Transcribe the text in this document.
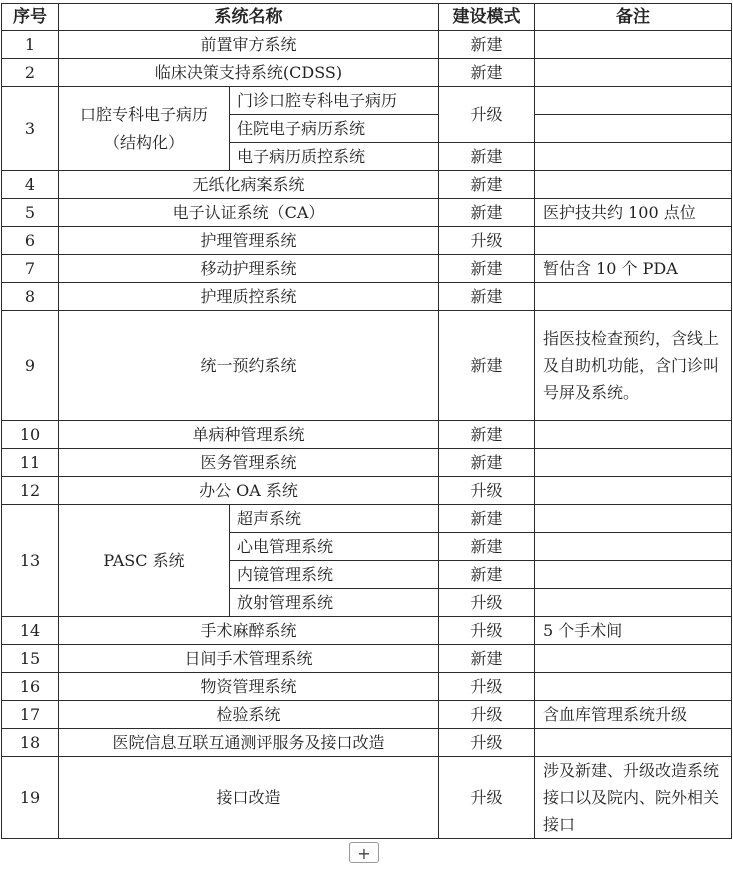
序号	系统名称		建设模式	备注
1	前置审方系统		新建	
2	临床决策支持系统(CDSS)		新建	
3	口腔专科电子病历（结构化）	门诊口腔专科电子病历	升级	
		住院电子病历系统		
		电子病历质控系统	新建	
4	无纸化病案系统		新建	
5	电子认证系统（CA）		新建	医护技共约 100 点位
6	护理管理系统		升级	
7	移动护理系统		新建	暂估含 10 个 PDA
8	护理质控系统		新建	
9	统一预约系统		新建	指医技检查预约，含线上及自助机功能，含门诊叫号屏及系统。
10	单病种管理系统		新建	
11	医务管理系统		新建	
12	办公 OA 系统		升级	
13	PASC 系统	超声系统	新建	
		心电管理系统	新建	
		内镜管理系统	新建	
		放射管理系统	升级	
14	手术麻醉系统		升级	5 个手术间
15	日间手术管理系统		新建	
16	物资管理系统		升级	
17	检验系统		升级	含血库管理系统升级
18	医院信息互联互通测评服务及接口改造		升级	
19	接口改造		升级	涉及新建、升级改造系统接口以及院内、院外相关接口
+
